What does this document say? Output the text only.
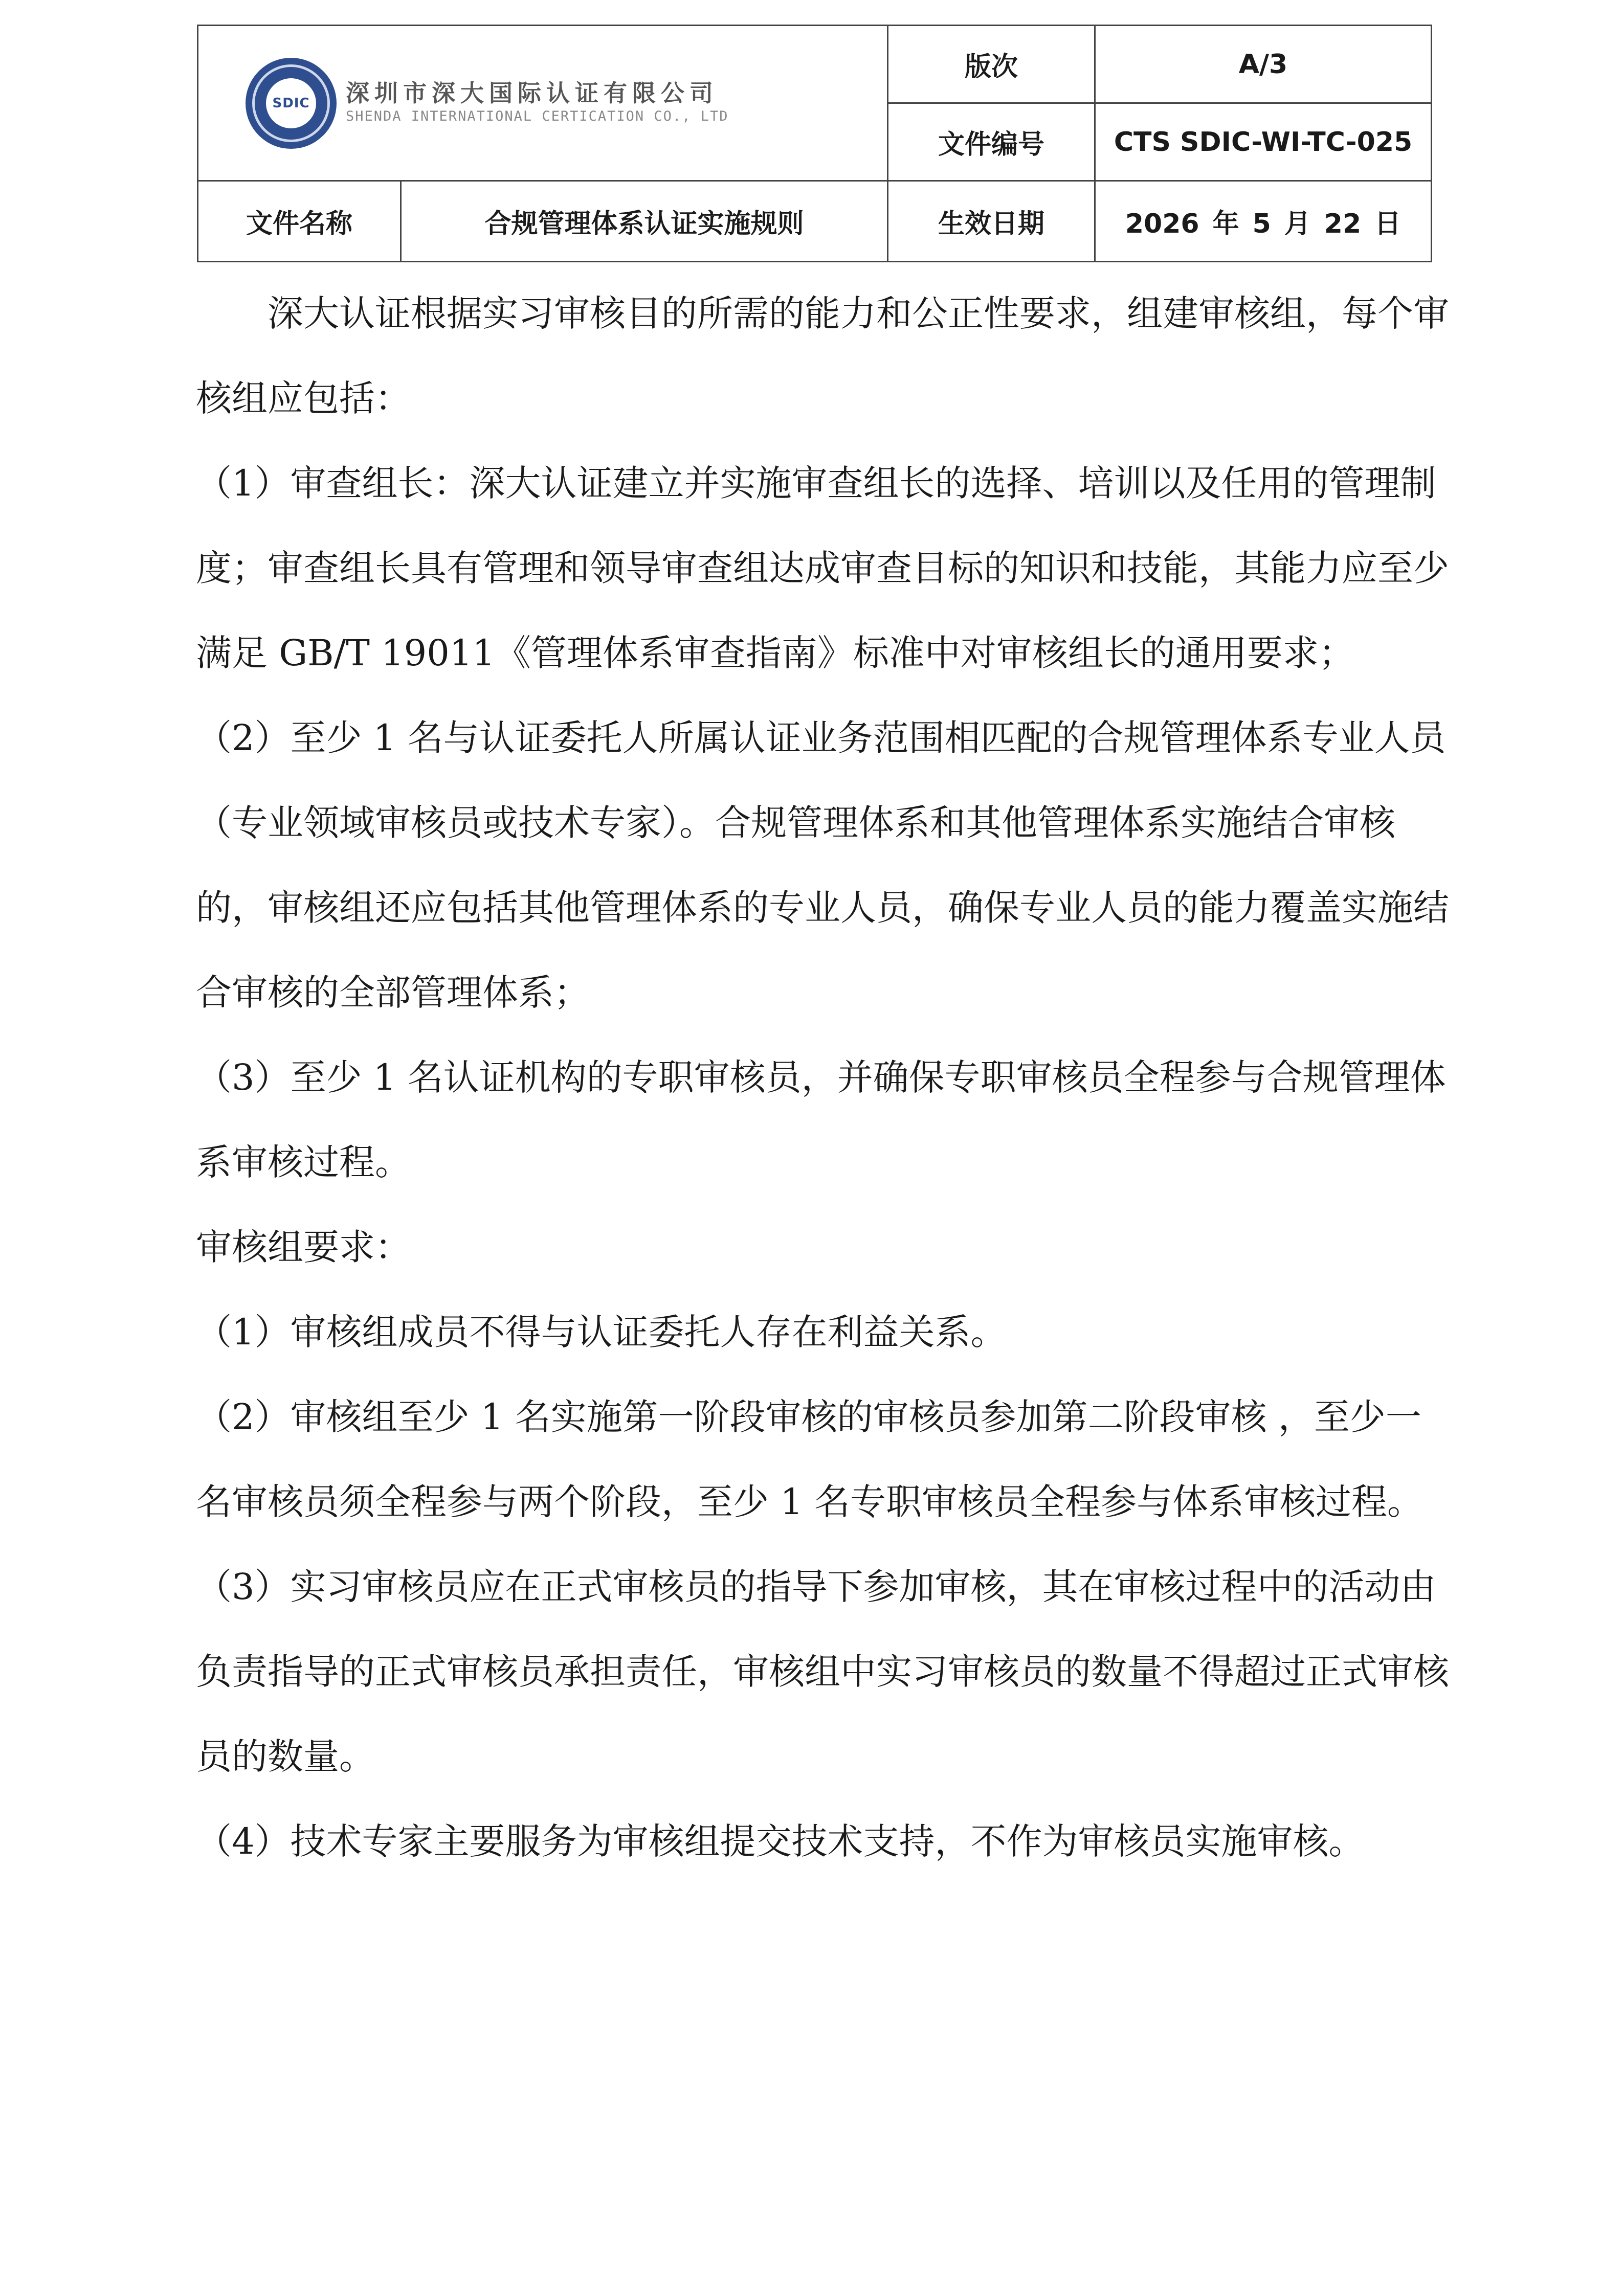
SDIC 深圳市深大国际认证有限公司
SHENDA INTERNATIONAL CERTICATION CO., LTD		版次	A/3
		文件编号	CTS SDIC-WI-TC-025
文件名称	合规管理体系认证实施规则	生效日期	2026 年 5 月 22 日

深大认证根据实习审核目的所需的能力和公正性要求，组建审核组，每个审核组应包括：

（1）审查组长：深大认证建立并实施审查组长的选择、培训以及任用的管理制度；审查组长具有管理和领导审查组达成审查目标的知识和技能，其能力应至少满足 GB/T 19011《管理体系审查指南》标准中对审核组长的通用要求；

（2）至少 1 名与认证委托人所属认证业务范围相匹配的合规管理体系专业人员（专业领域审核员或技术专家）。合规管理体系和其他管理体系实施结合审核的，审核组还应包括其他管理体系的专业人员，确保专业人员的能力覆盖实施结合审核的全部管理体系；

（3）至少 1 名认证机构的专职审核员，并确保专职审核员全程参与合规管理体系审核过程。

审核组要求：

（1）审核组成员不得与认证委托人存在利益关系。

（2）审核组至少 1 名实施第一阶段审核的审核员参加第二阶段审核 ，至少一名审核员须全程参与两个阶段，至少 1 名专职审核员全程参与体系审核过程。

（3）实习审核员应在正式审核员的指导下参加审核，其在审核过程中的活动由负责指导的正式审核员承担责任，审核组中实习审核员的数量不得超过正式审核员的数量。

（4）技术专家主要服务为审核组提交技术支持，不作为审核员实施审核。
